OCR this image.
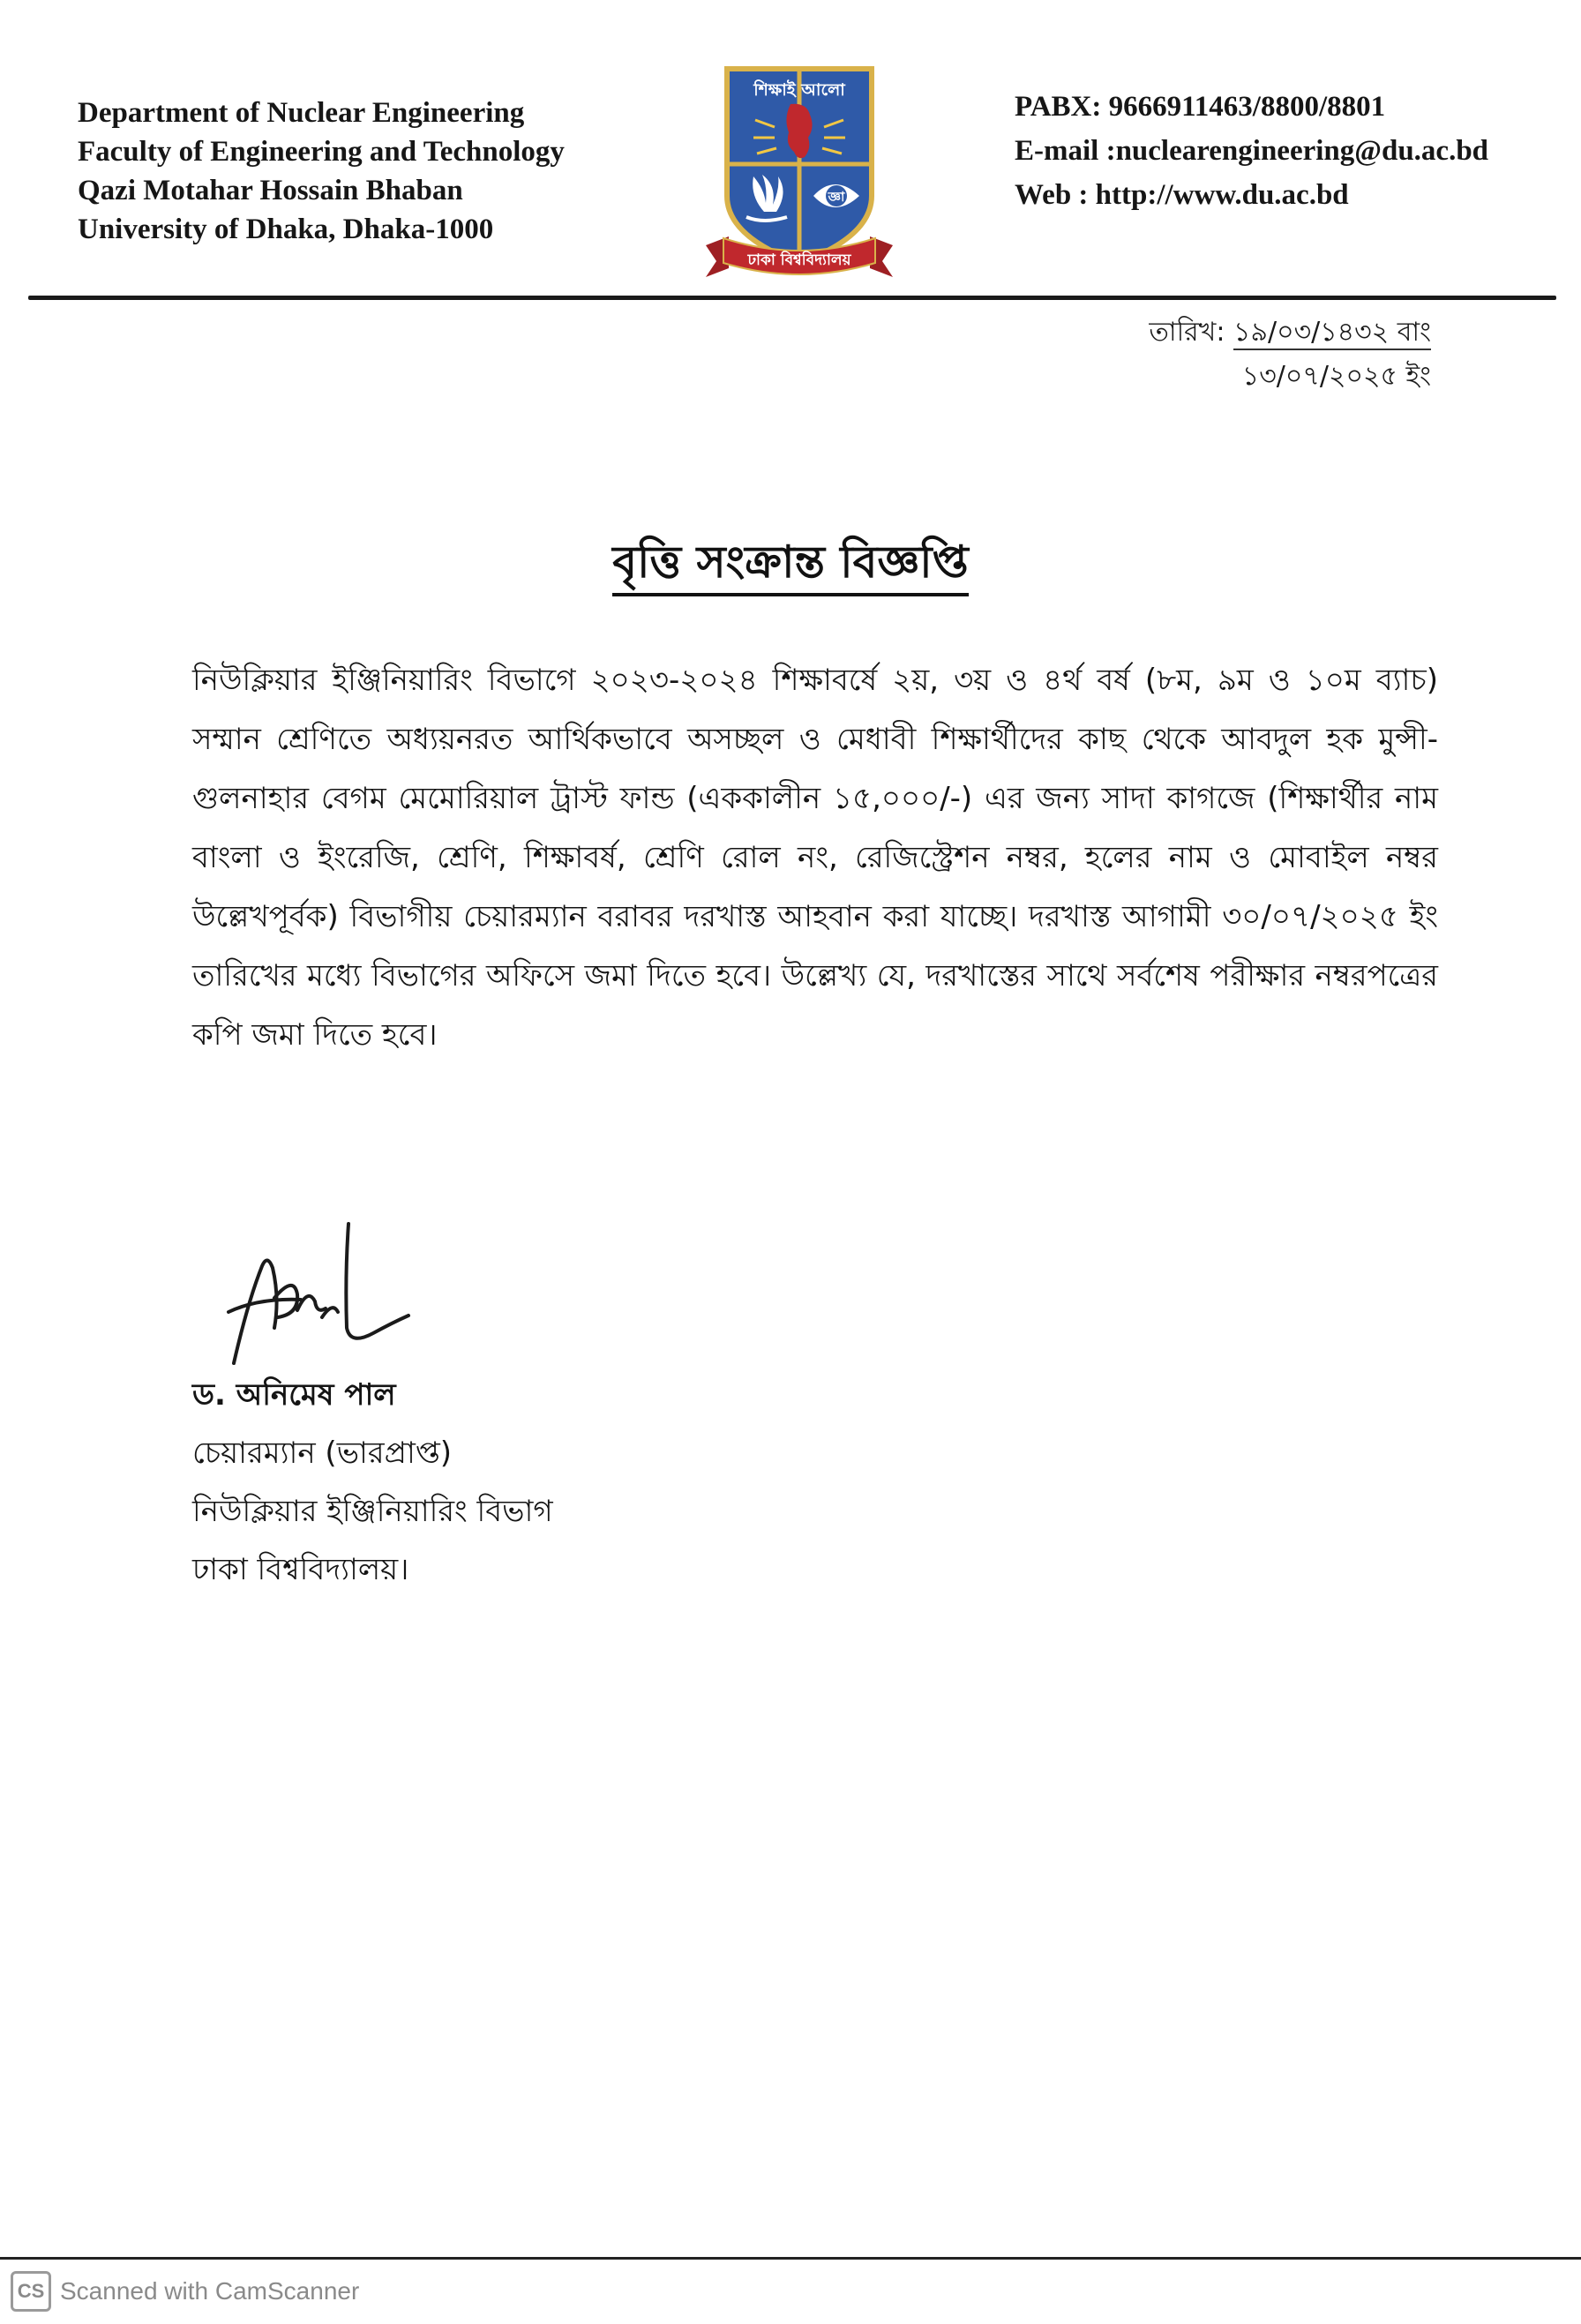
Department of Nuclear Engineering
Faculty of Engineering and Technology
Qazi Motahar Hossain Bhaban
University of Dhaka, Dhaka-1000
শিক্ষাই আলো
জ্ঞা
ঢাকা বিশ্ববিদ্যালয়
PABX: 9666911463/8800/8801
E-mail :nuclearengineering@du.ac.bd
Web : http://www.du.ac.bd
তারিখ: ১৯/০৩/১৪৩২ বাং
১৩/০৭/২০২৫ ইং
বৃত্তি সংক্রান্ত বিজ্ঞপ্তি
নিউক্লিয়ার ইঞ্জিনিয়ারিং বিভাগে ২০২৩-২০২৪ শিক্ষাবর্ষে ২য়, ৩য় ও ৪র্থ বর্ষ (৮ম, ৯ম ও ১০ম ব্যাচ) সম্মান শ্রেণিতে অধ্যয়নরত আর্থিকভাবে অসচ্ছল ও মেধাবী শিক্ষার্থীদের কাছ থেকে আবদুল হক মুন্সী-গুলনাহার বেগম মেমোরিয়াল ট্রাস্ট ফান্ড (এককালীন ১৫,০০০/-) এর জন্য সাদা কাগজে (শিক্ষার্থীর নাম বাংলা ও ইংরেজি, শ্রেণি, শিক্ষাবর্ষ, শ্রেণি রোল নং, রেজিস্ট্রেশন নম্বর, হলের নাম ও মোবাইল নম্বর উল্লেখপূর্বক) বিভাগীয় চেয়ারম্যান বরাবর দরখাস্ত আহবান করা যাচ্ছে। দরখাস্ত আগামী ৩০/০৭/২০২৫ ইং তারিখের মধ্যে বিভাগের অফিসে জমা দিতে হবে। উল্লেখ্য যে, দরখাস্তের সাথে সর্বশেষ পরীক্ষার নম্বরপত্রের কপি জমা দিতে হবে।
ড. অনিমেষ পাল
চেয়ারম্যান (ভারপ্রাপ্ত)
নিউক্লিয়ার ইঞ্জিনিয়ারিং বিভাগ
ঢাকা বিশ্ববিদ্যালয়।
CS Scanned with CamScanner
